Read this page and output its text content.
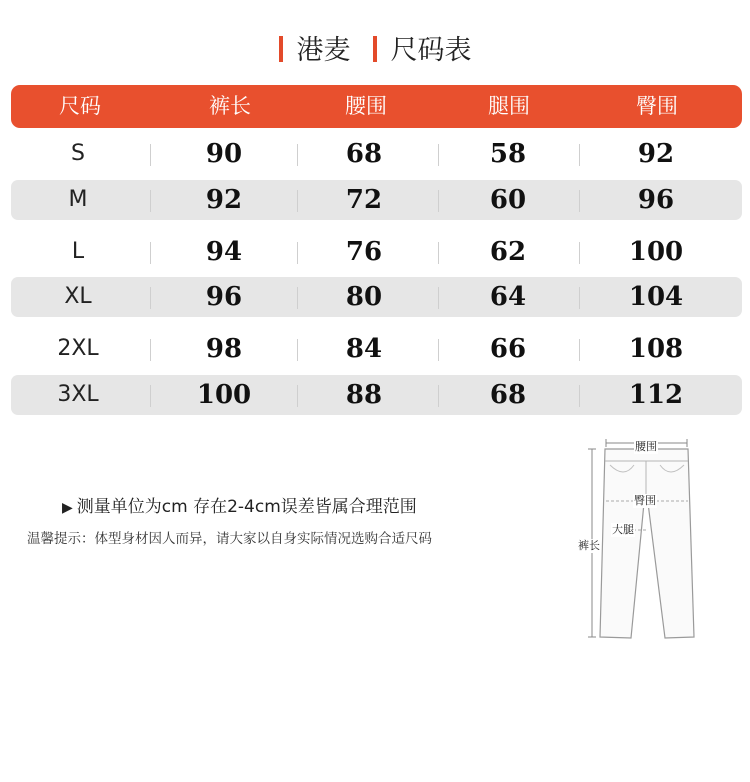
港麦 尺码表
尺码	裤长	腰围	腿围	臀围
S	90	68	58	92
M	92	72	60	96
L	94	76	62	100
XL	96	80	64	104
2XL	98	84	66	108
3XL	100	88	68	112
▶ 测量单位为cm 存在2-4cm误差皆属合理范围
温馨提示：体型身材因人而异，请大家以自身实际情况选购合适尺码
腰围
臀围
大腿
裤长
